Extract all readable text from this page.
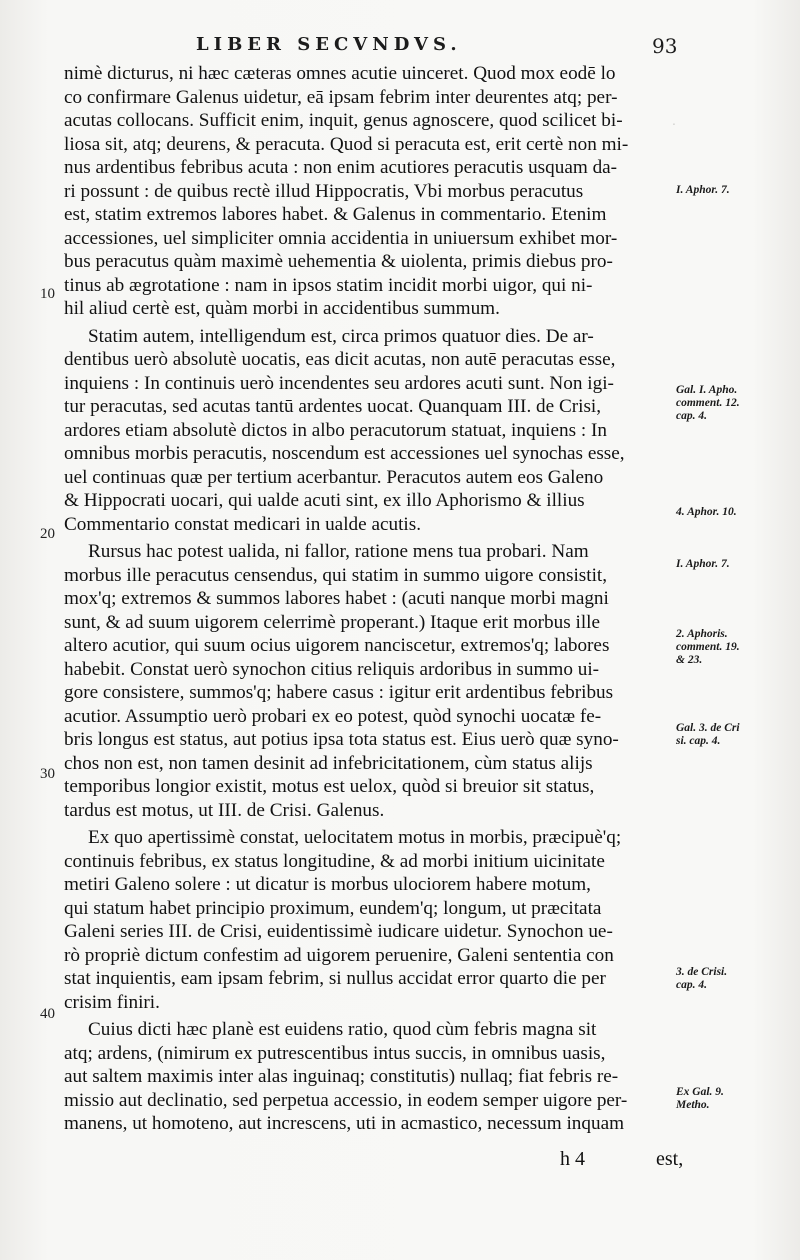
LIBER SECVNDVS.	93
·
nimè dicturus, ni hæc cæteras omnes acutie uinceret. Quod mox eodē lo
co confirmare Galenus uidetur, eā ipsam febrim inter deurentes atq; per-
acutas collocans. Sufficit enim, inquit, genus agnoscere, quod scilicet bi-
liosa sit, atq; deurens, & peracuta. Quod si peracuta est, erit certè non mi-
nus ardentibus febribus acuta : non enim acutiores peracutis usquam da-
ri possunt : de quibus rectè illud Hippocratis, Vbi morbus peracutus
est, statim extremos labores habet. & Galenus in commentario. Etenim
accessiones, uel simpliciter omnia accidentia in uniuersum exhibet mor-
bus peracutus quàm maximè uehementia & uiolenta, primis diebus pro-
tinus ab ægrotatione : nam in ipsos statim incidit morbi uigor, qui ni-
hil aliud certè est, quàm morbi in accidentibus summum.
Statim autem, intelligendum est, circa primos quatuor dies. De ar-
dentibus uerò absolutè uocatis, eas dicit acutas, non autē peracutas esse,
inquiens : In continuis uerò incendentes seu ardores acuti sunt. Non igi-
tur peracutas, sed acutas tantū ardentes uocat. Quanquam III. de Crisi,
ardores etiam absolutè dictos in albo peracutorum statuat, inquiens : In
omnibus morbis peracutis, noscendum est accessiones uel synochas esse,
uel continuas quæ per tertium acerbantur. Peracutos autem eos Galeno
& Hippocrati uocari, qui ualde acuti sint, ex illo Aphorismo & illius
Commentario constat medicari in ualde acutis.
Rursus hac potest ualida, ni fallor, ratione mens tua probari. Nam
morbus ille peracutus censendus, qui statim in summo uigore consistit,
mox'q; extremos & summos labores habet : (acuti nanque morbi magni
sunt, & ad suum uigorem celerrimè properant.) Itaque erit morbus ille
altero acutior, qui suum ocius uigorem nanciscetur, extremos'q; labores
habebit. Constat uerò synochon citius reliquis ardoribus in summo ui-
gore consistere, summos'q; habere casus : igitur erit ardentibus febribus
acutior. Assumptio uerò probari ex eo potest, quòd synochi uocatæ fe-
bris longus est status, aut potius ipsa tota status est. Eius uerò quæ syno-
chos non est, non tamen desinit ad infebricitationem, cùm status alijs
temporibus longior existit, motus est uelox, quòd si breuior sit status,
tardus est motus, ut III. de Crisi. Galenus.
Ex quo apertissimè constat, uelocitatem motus in morbis, præcipuè'q;
continuis febribus, ex status longitudine, & ad morbi initium uicinitate
metiri Galeno solere : ut dicatur is morbus ulociorem habere motum,
qui statum habet principio proximum, eundem'q; longum, ut præcitata
Galeni series III. de Crisi, euidentissimè iudicare uidetur. Synochon ue-
rò propriè dictum confestim ad uigorem peruenire, Galeni sententia con
stat inquientis, eam ipsam febrim, si nullus accidat error quarto die per
crisim finiri.
Cuius dicti hæc planè est euidens ratio, quod cùm febris magna sit
atq; ardens, (nimirum ex putrescentibus intus succis, in omnibus uasis,
aut saltem maximis inter alas inguinaq; constitutis) nullaq; fiat febris re-
missio aut declinatio, sed perpetua accessio, in eodem semper uigore per-
manens, ut homoteno, aut increscens, uti in acmastico, necessum inquam
10
20
30
40
I. Aphor. 7.
Gal. I. Apho. comment. 12. cap. 4.
4. Aphor. 10.
I. Aphor. 7.
2. Aphoris. comment. 19. & 23.
Gal. 3. de Cri si. cap. 4.
3. de Crisi. cap. 4.
Ex Gal. 9. Metho.
h 4	est,
